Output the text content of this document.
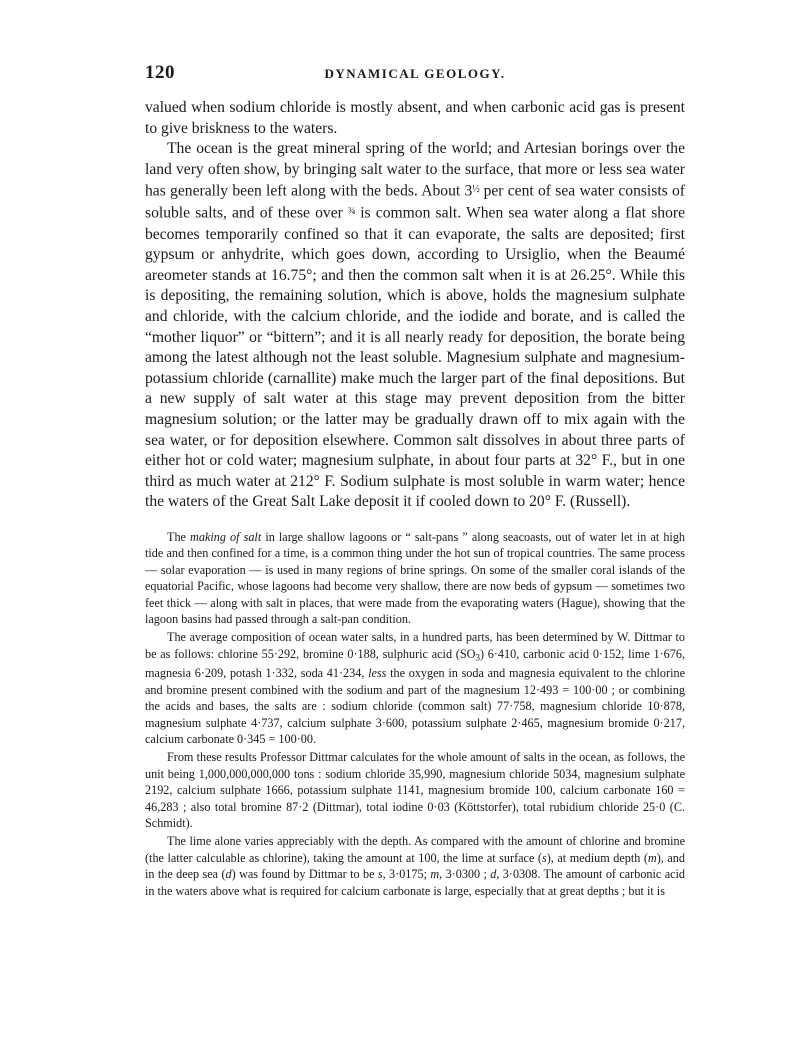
120	DYNAMICAL GEOLOGY.

valued when sodium chloride is mostly absent, and when carbonic acid gas is present to give briskness to the waters.

The ocean is the great mineral spring of the world; and Artesian borings over the land very often show, by bringing salt water to the surface, that more or less sea water has generally been left along with the beds. About $3^{\frac{1}{2}}$ per cent of sea water consists of soluble salts, and of these over $^{\frac{3}{4}}$ is common salt. When sea water along a flat shore becomes temporarily confined so that it can evaporate, the salts are deposited; first gypsum or anhydrite, which goes down, according to Ursiglio, when the Beaumé areometer stands at 16.75°; and then the common salt when it is at 26.25°. While this is depositing, the remaining solution, which is above, holds the magnesium sulphate and chloride, with the calcium chloride, and the iodide and borate, and is called the “mother liquor” or “bittern”; and it is all nearly ready for deposition, the borate being among the latest although not the least soluble. Magnesium sulphate and magnesium-potassium chloride (carnallite) make much the larger part of the final depositions. But a new supply of salt water at this stage may prevent deposition from the bitter magnesium solution; or the latter may be gradually drawn off to mix again with the sea water, or for deposition elsewhere. Common salt dissolves in about three parts of either hot or cold water; magnesium sulphate, in about four parts at 32° F., but in one third as much water at 212° F. Sodium sulphate is most soluble in warm water; hence the waters of the Great Salt Lake deposit it if cooled down to 20° F. (Russell).

The making of salt in large shallow lagoons or “ salt-pans ” along seacoasts, out of water let in at high tide and then confined for a time, is a common thing under the hot sun of tropical countries. The same process — solar evaporation — is used in many regions of brine springs. On some of the smaller coral islands of the equatorial Pacific, whose lagoons had become very shallow, there are now beds of gypsum — sometimes two feet thick — along with salt in places, that were made from the evaporating waters (Hague), showing that the lagoon basins had passed through a salt-pan condition.

The average composition of ocean water salts, in a hundred parts, has been determined by W. Dittmar to be as follows: chlorine 55·292, bromine 0·188, sulphuric acid $(SO_3)$ 6·410, carbonic acid 0·152, lime 1·676, magnesia 6·209, potash 1·332, soda 41·234, less the oxygen in soda and magnesia equivalent to the chlorine and bromine present combined with the sodium and part of the magnesium 12·493 = 100·00 ; or combining the acids and bases, the salts are : sodium chloride (common salt) 77·758, magnesium chloride 10·878, magnesium sulphate 4·737, calcium sulphate 3·600, potassium sulphate 2·465, magnesium bromide 0·217, calcium carbonate 0·345 = 100·00.

From these results Professor Dittmar calculates for the whole amount of salts in the ocean, as follows, the unit being 1,000,000,000,000 tons : sodium chloride 35,990, magnesium chloride 5034, magnesium sulphate 2192, calcium sulphate 1666, potassium sulphate 1141, magnesium bromide 100, calcium carbonate 160 = 46,283 ; also total bromine 87·2 (Dittmar), total iodine 0·03 (Köttstorfer), total rubidium chloride 25·0 (C. Schmidt).

The lime alone varies appreciably with the depth. As compared with the amount of chlorine and bromine (the latter calculable as chlorine), taking the amount at 100, the lime at surface (s), at medium depth (m), and in the deep sea (d) was found by Dittmar to be s, 3·0175; m, 3·0300 ; d, 3·0308. The amount of carbonic acid in the waters above what is required for calcium carbonate is large, especially that at great depths ; but it is
